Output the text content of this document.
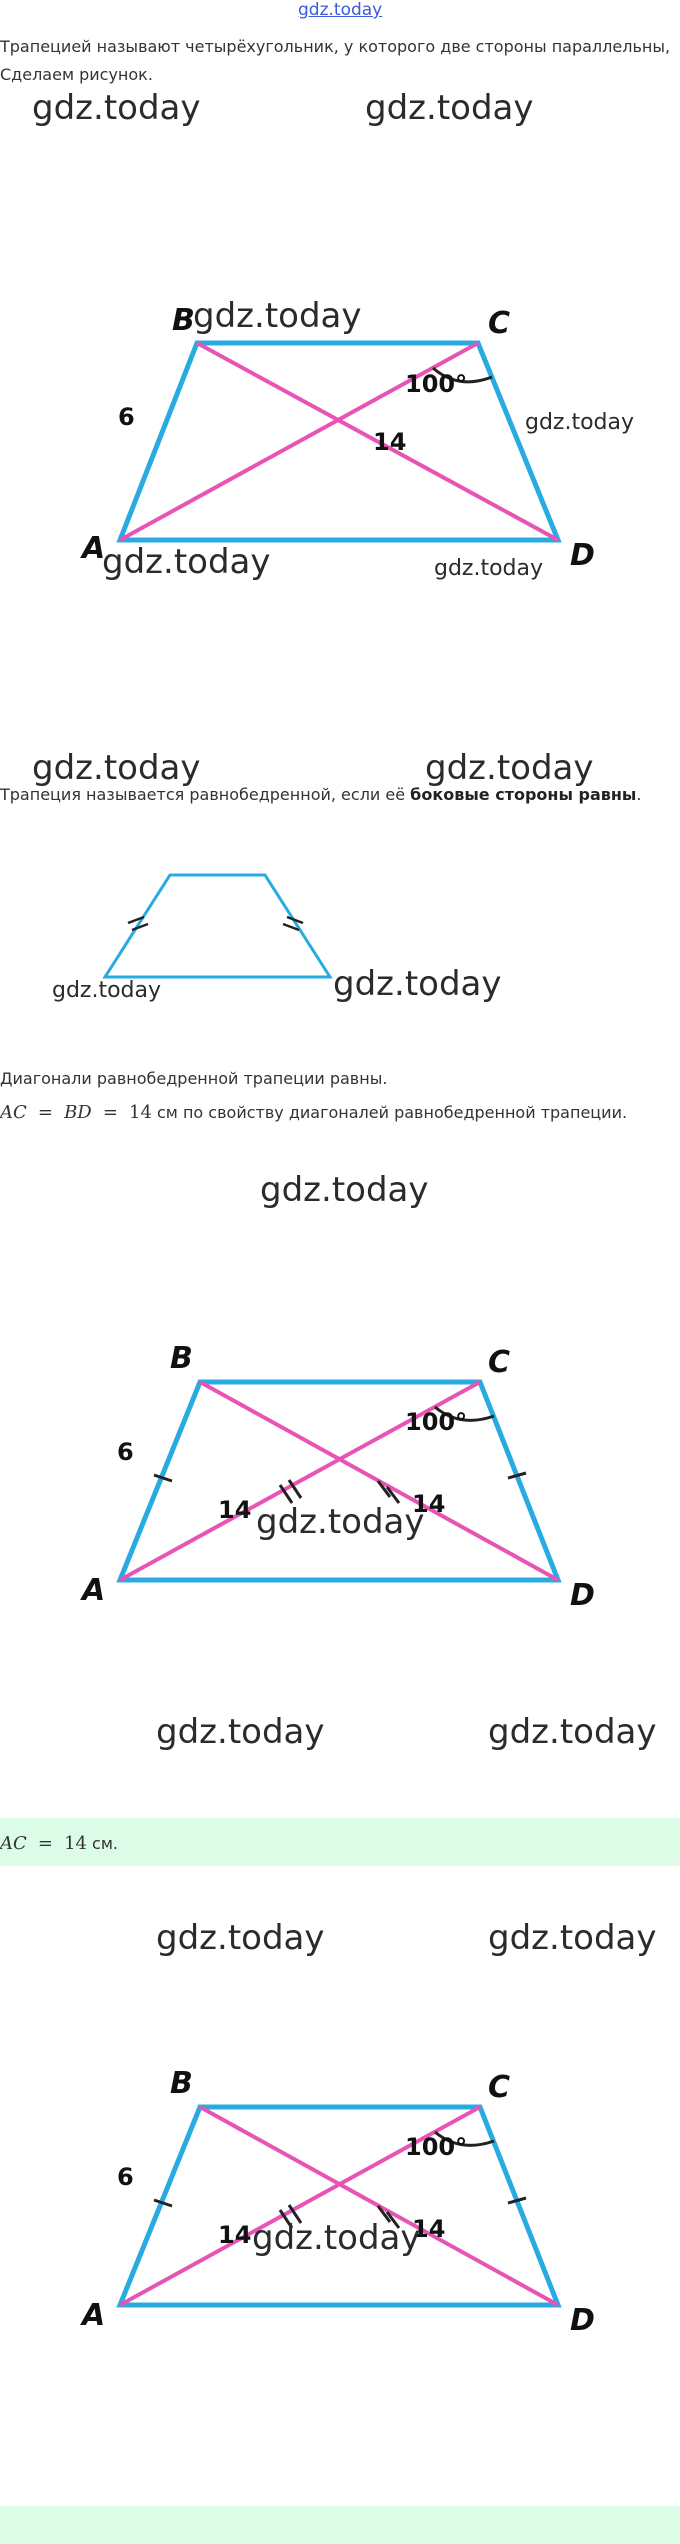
gdz.today
Трапецией называют четырёхугольник, у которого две стороны параллельны,
Сделаем рисунок.
gdz.today	gdz.today
B	C
A	D
6
14
100°
gdz.today
gdz.today
gdz.today	gdz.today
gdz.today	gdz.today
Трапеция называется равнобедренной, если её боковые стороны равны.
gdz.today	gdz.today
Диагонали равнобедренной трапеции равны.
AC = BD = 14 см по свойству диагоналей равнобедренной трапеции.
gdz.today
B	C
A	D
6
14	14
100°
gdz.today
gdz.today	gdz.today
AC = 14 см.
gdz.today	gdz.today
B	C
A	D
6
14	14
100°
gdz.today
